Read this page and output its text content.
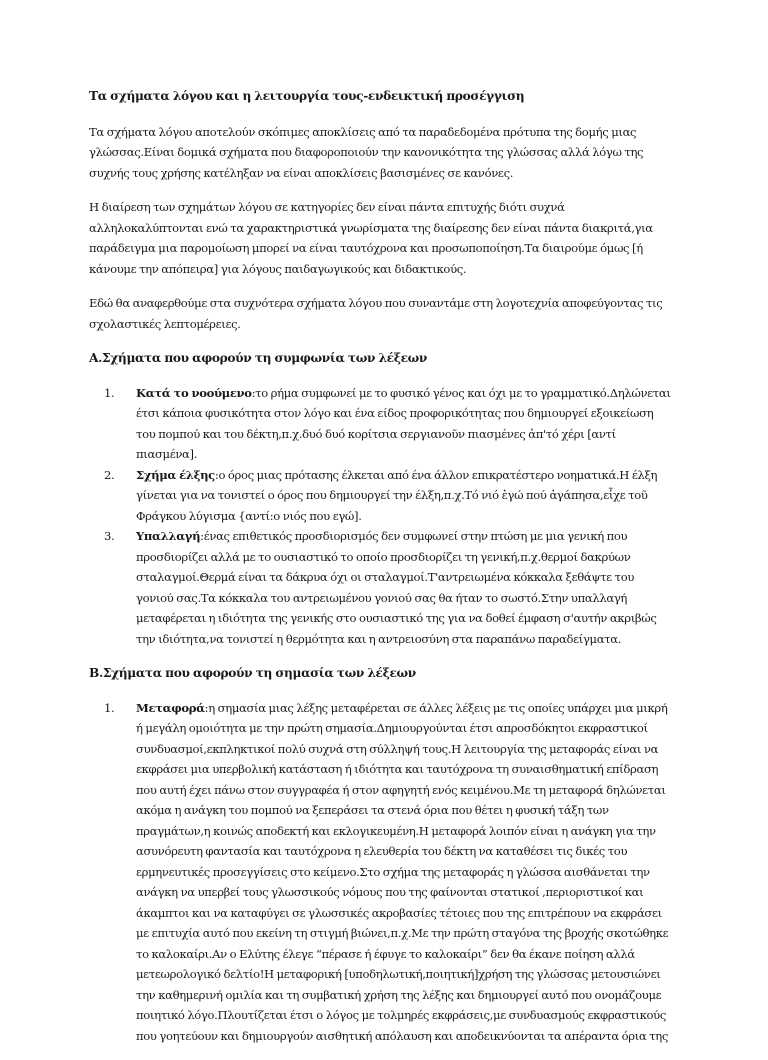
Τα σχήματα λόγου και η λειτουργία τους-ενδεικτική προσέγγιση

Τα σχήματα λόγου αποτελούν σκόπιμες αποκλίσεις από τα παραδεδομένα πρότυπα της δομής μιας γλώσσας.Είναι δομικά σχήματα που διαφοροποιούν την κανονικότητα της γλώσσας αλλά λόγω της συχνής τους χρήσης κατέληξαν να είναι αποκλίσεις βασισμένες σε κανόνες.

Η διαίρεση των σχημάτων λόγου σε κατηγορίες δεν είναι πάντα επιτυχής διότι συχνά αλληλοκαλύπτονται ενώ τα χαρακτηριστικά γνωρίσματα της διαίρεσης δεν είναι πάντα διακριτά,για παράδειγμα μια παρομοίωση μπορεί να είναι ταυτόχρονα και προσωποποίηση.Τα διαιρούμε όμως [ή κάνουμε την απόπειρα] για λόγους παιδαγωγικούς και διδακτικούς.

Εδώ θα αναφερθούμε στα συχνότερα σχήματα λόγου που συναντάμε στη λογοτεχνία αποφεύγοντας τις σχολαστικές λεπτομέρειες.

Α.Σχήματα που αφορούν τη συμφωνία των λέξεων
1. Κατά το νοούμενο:το ρήμα συμφωνεί με το φυσικό γένος και όχι με το γραμματικό.Δηλώνεται έτσι κάποια φυσικότητα στον λόγο και ένα είδος προφορικότητας που δημιουργεί εξοικείωση του πομπού και του δέκτη,π.χ.δυό δυό κορίτσια σεργιανοῦν πιασμένες ἀπ'τό χέρι [αντί πιασμένα].
2. Σχήμα έλξης:ο όρος μιας πρότασης έλκεται από ένα άλλον επικρατέστερο νοηματικά.Η έλξη γίνεται για να τονιστεί ο όρος που δημιουργεί την έλξη,π.χ.Τό νιό ἐγώ πού ἀγάπησα,εἶχε τοῦ Φράγκου λύγισμα {αντί:ο νιός που εγώ].
3. Υπαλλαγή:ένας επιθετικός προσδιορισμός δεν συμφωνεί στην πτώση με μια γενική που προσδιορίζει αλλά με το ουσιαστικό το οποίο προσδιορίζει τη γενική,π.χ.θερμοί δακρύων σταλαγμοί.Θερμά είναι τα δάκρυα όχι οι σταλαγμοί.Τ'αντρειωμένα κόκκαλα ξεθάψτε του γονιού σας.Τα κόκκαλα του αντρειωμένου γονιού σας θα ήταν το σωστό.Στην υπαλλαγή μεταφέρεται η ιδιότητα της γενικής στο ουσιαστικό της για να δοθεί έμφαση σ'αυτήν ακριβώς την ιδιότητα,να τονιστεί η θερμότητα και η αντρειοσύνη στα παραπάνω παραδείγματα.
Β.Σχήματα που αφορούν τη σημασία των λέξεων
1. Μεταφορά:η σημασία μιας λέξης μεταφέρεται σε άλλες λέξεις με τις οποίες υπάρχει μια μικρή ή μεγάλη ομοιότητα με την πρώτη σημασία.Δημιουργούνται έτσι απροσδόκητοι εκφραστικοί συνδυασμοί,εκπληκτικοί πολύ συχνά στη σύλληψή τους.Η λειτουργία της μεταφοράς είναι να εκφράσει μια υπερβολική κατάσταση ή ιδιότητα και ταυτόχρονα τη συναισθηματική επίδραση που αυτή έχει πάνω στον συγγραφέα ή στον αφηγητή ενός κειμένου.Με τη μεταφορά δηλώνεται ακόμα η ανάγκη του πομπού να ξεπεράσει τα στενά όρια που θέτει η φυσική τάξη των πραγμάτων,η κοινώς αποδεκτή και εκλογικευμένη.Η μεταφορά λοιπόν είναι η ανάγκη για την ασυνόρευτη φαντασία και ταυτόχρονα η ελευθερία του δέκτη να καταθέσει τις δικές του ερμηνευτικές προσεγγίσεις στο κείμενο.Στο σχήμα της μεταφοράς η γλώσσα αισθάνεται την ανάγκη να υπερβεί τους γλωσσικούς νόμους που της φαίνονται στατικοί ,περιοριστικοί και άκαμπτοι και να καταφύγει σε γλωσσικές ακροβασίες τέτοιες που της επιτρέπουν να εκφράσει με επιτυχία αυτό που εκείνη τη στιγμή βιώνει,π.χ.Με την πρώτη σταγόνα της βροχής σκοτώθηκε το καλοκαίρι.Αν ο Ελύτης έλεγε “πέρασε ή έφυγε το καλοκαίρι” δεν θα έκανε ποίηση αλλά μετεωρολογικό δελτίο!Η μεταφορική [υποδηλωτική,ποιητική]χρήση της γλώσσας μετουσιώνει την καθημερινή ομιλία και τη συμβατική χρήση της λέξης και δημιουργεί αυτό που ονομάζουμε ποιητικό λόγο.Πλουτίζεται έτσι ο λόγος με τολμηρές εκφράσεις,με συνδυασμούς εκφραστικούς που γοητεύουν και δημιουργούν αισθητική απόλαυση και αποδεικνύονται τα απέραντα όρια της
